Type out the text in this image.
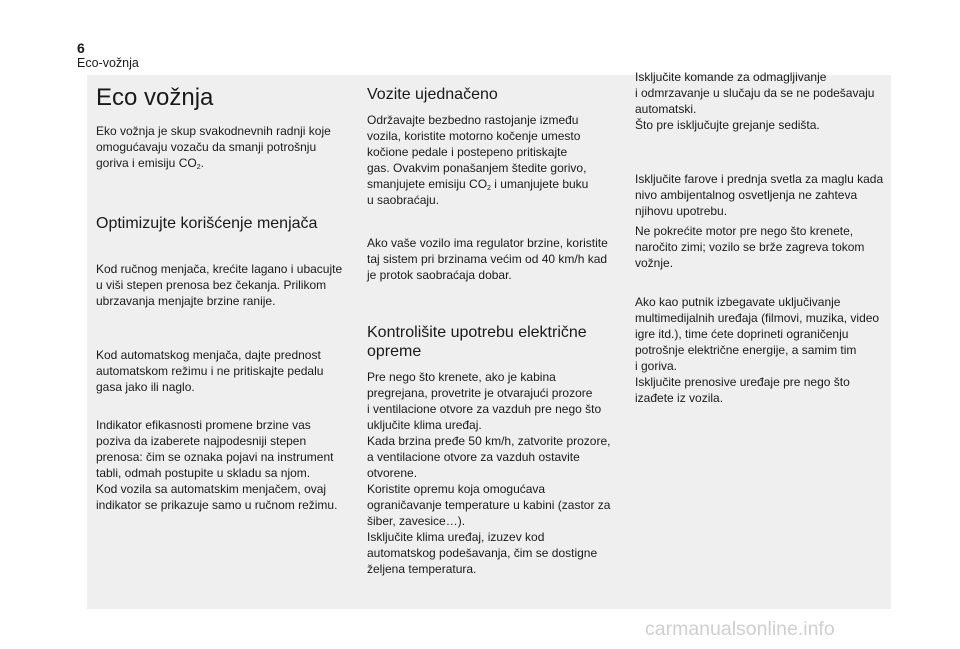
6
Eco-vožnja
Eco vožnja

Eko vožnja je skup svakodnevnih radnji koje
omogućavaju vozaču da smanji potrošnju
goriva i emisiju $CO_2$.

Optimizujte korišćenje menjača

Kod ručnog menjača, krećite lagano i ubacujte
u viši stepen prenosa bez čekanja. Prilikom
ubrzavanja menjajte brzine ranije.

Kod automatskog menjača, dajte prednost
automatskom režimu i ne pritiskajte pedalu
gasa jako ili naglo.

Indikator efikasnosti promene brzine vas
poziva da izaberete najpodesniji stepen
prenosa: čim se oznaka pojavi na instrument
tabli, odmah postupite u skladu sa njom.
Kod vozila sa automatskim menjačem, ovaj
indikator se prikazuje samo u ručnom režimu.

Vozite ujednačeno

Održavajte bezbedno rastojanje između
vozila, koristite motorno kočenje umesto
kočione pedale i postepeno pritiskajte
gas. Ovakvim ponašanjem štedite gorivo,
smanjujete emisiju $CO_2$ i umanjujete buku
u saobraćaju.

Ako vaše vozilo ima regulator brzine, koristite
taj sistem pri brzinama većim od 40 km/h kad
je protok saobraćaja dobar.

Kontrolišite upotrebu električne
opreme

Pre nego što krenete, ako je kabina
pregrejana, provetrite je otvarajući prozore
i ventilacione otvore za vazduh pre nego što
uključite klima uređaj.
Kada brzina pređe 50 km/h, zatvorite prozore,
a ventilacione otvore za vazduh ostavite
otvorene.
Koristite opremu koja omogućava
ograničavanje temperature u kabini (zastor za
šiber, zavesice…).
Isključite klima uređaj, izuzev kod
automatskog podešavanja, čim se dostigne
željena temperatura.

Isključite komande za odmagljivanje
i odmrzavanje u slučaju da se ne podešavaju
automatski.
Što pre isključujte grejanje sedišta.

Isključite farove i prednja svetla za maglu kada
nivo ambijentalnog osvetljenja ne zahteva
njihovu upotrebu.

Ne pokrećite motor pre nego što krenete,
naročito zimi; vozilo se brže zagreva tokom
vožnje.

Ako kao putnik izbegavate uključivanje
multimedijalnih uređaja (filmovi, muzika, video
igre itd.), time ćete doprineti ograničenju
potrošnje električne energije, a samim tim
i goriva.
Isključite prenosive uređaje pre nego što
izađete iz vozila.

carmanualsonline.info
